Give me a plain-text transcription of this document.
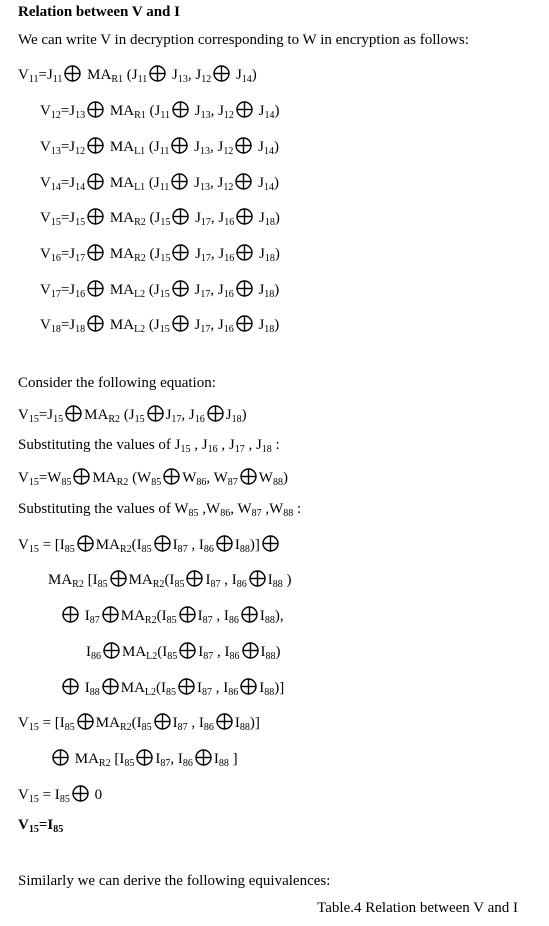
Relation between V and I
We can write V in decryption corresponding to W in encryption as follows:
$V_{11}=J_{11}$
$MA_{R1}$ ($J_{11}$
$J_{13}$, $J_{12}$
$J_{14}$)
$V_{12}=J_{13}$
$MA_{R1}$ ($J_{11}$
$J_{13}$, $J_{12}$
$J_{14}$)
$V_{13}=J_{12}$
$MA_{L1}$ ($J_{11}$
$J_{13}$, $J_{12}$
$J_{14}$)
$V_{14}=J_{14}$
$MA_{L1}$ ($J_{11}$
$J_{13}$, $J_{12}$
$J_{14}$)
$V_{15}=J_{15}$
$MA_{R2}$ ($J_{15}$
$J_{17}$, $J_{16}$
$J_{18}$)
$V_{16}=J_{17}$
$MA_{R2}$ ($J_{15}$
$J_{17}$, $J_{16}$
$J_{18}$)
$V_{17}=J_{16}$
$MA_{L2}$ ($J_{15}$
$J_{17}$, $J_{16}$
$J_{18}$)
$V_{18}=J_{18}$
$MA_{L2}$ ($J_{15}$
$J_{17}$, $J_{16}$
$J_{18}$)
Consider the following equation:
$V_{15}=J_{15}$ $MA_{R2}$ ($J_{15}$ $J_{17}$, $J_{16}$ $J_{18}$)
Substituting the values of $J_{15}$ , $J_{16}$ , $J_{17}$ , $J_{18}$ :
$V_{15}=W_{85}$ $MA_{R2}$ ($W_{85}$ $W_{86}$, $W_{87}$ $W_{88}$)
Substituting the values of $W_{85}$ $,W_{86}$, $W_{87}$ $,W_{88}$ :
$V_{15} = [I_{85}$ $MA_{R2}(I_{85}$ $I_{87}$ , $I_{86}$ $I_{88}$)]
$MA_{R2}$ [$I_{85}$ $MA_{R2}(I_{85}$ $I_{87}$ , $I_{86}$ $I_{88}$ )
$I_{87}$ $MA_{R2}(I_{85}$ $I_{87}$ , $I_{86}$ $I_{88}$),
$I_{86}$ $MA_{L2}(I_{85}$ $I_{87}$ , $I_{86}$ $I_{88}$)
$I_{88}$ $MA_{L2}(I_{85}$ $I_{87}$ , $I_{86}$ $I_{88}$)]
$V_{15} = [I_{85}$ $MA_{R2}(I_{85}$ $I_{87}$ , $I_{86}$ $I_{88}$)]
$MA_{R2}$ [$I_{85}$ $I_{87}$, $I_{86}$ $I_{88}$ ]
$V_{15} = I_{85}$ 0
$V_{15}=I_{85}$
Similarly we can derive the following equivalences:
Table.4 Relation between V and I
